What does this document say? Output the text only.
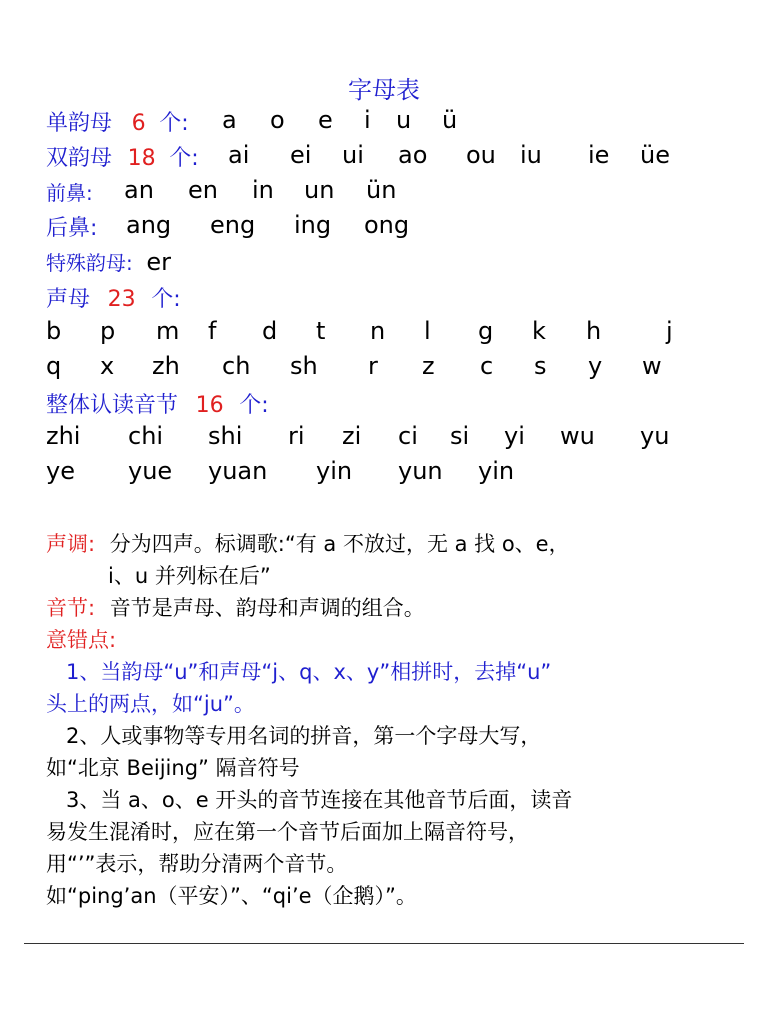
字母表
单韵母 6 个: a o e i u ü
双韵母 18 个: ai ei ui ao ou iu ie üe
前鼻: an en in un ün
后鼻: ang eng ing ong
特殊韵母: er
声母 23 个:
b p m f d t n l g k h	j
q x zh ch sh r z c s y w
整体认读音节 16 个:
zhi chi shi ri zi ci si yi wu yu
ye yue yuan yin yun yin
声调: 分为四声。标调歌:“有 a 不放过，无 a 找 o、e，
i、u 并列标在后”
音节: 音节是声母、韵母和声调的组合。
意错点:
1、当韵母“u”和声母“j、q、x、y”相拼时，去掉“u”
头上的两点，如“ju”。
2、人或事物等专用名词的拼音，第一个字母大写，
如“北京 Beijing” 隔音符号
3、当 a、o、e 开头的音节连接在其他音节后面，读音
易发生混淆时，应在第一个音节后面加上隔音符号，
用“’”表示，帮助分清两个音节。
如“ping’an（平安）”、“qi’e（企鹅）”。
